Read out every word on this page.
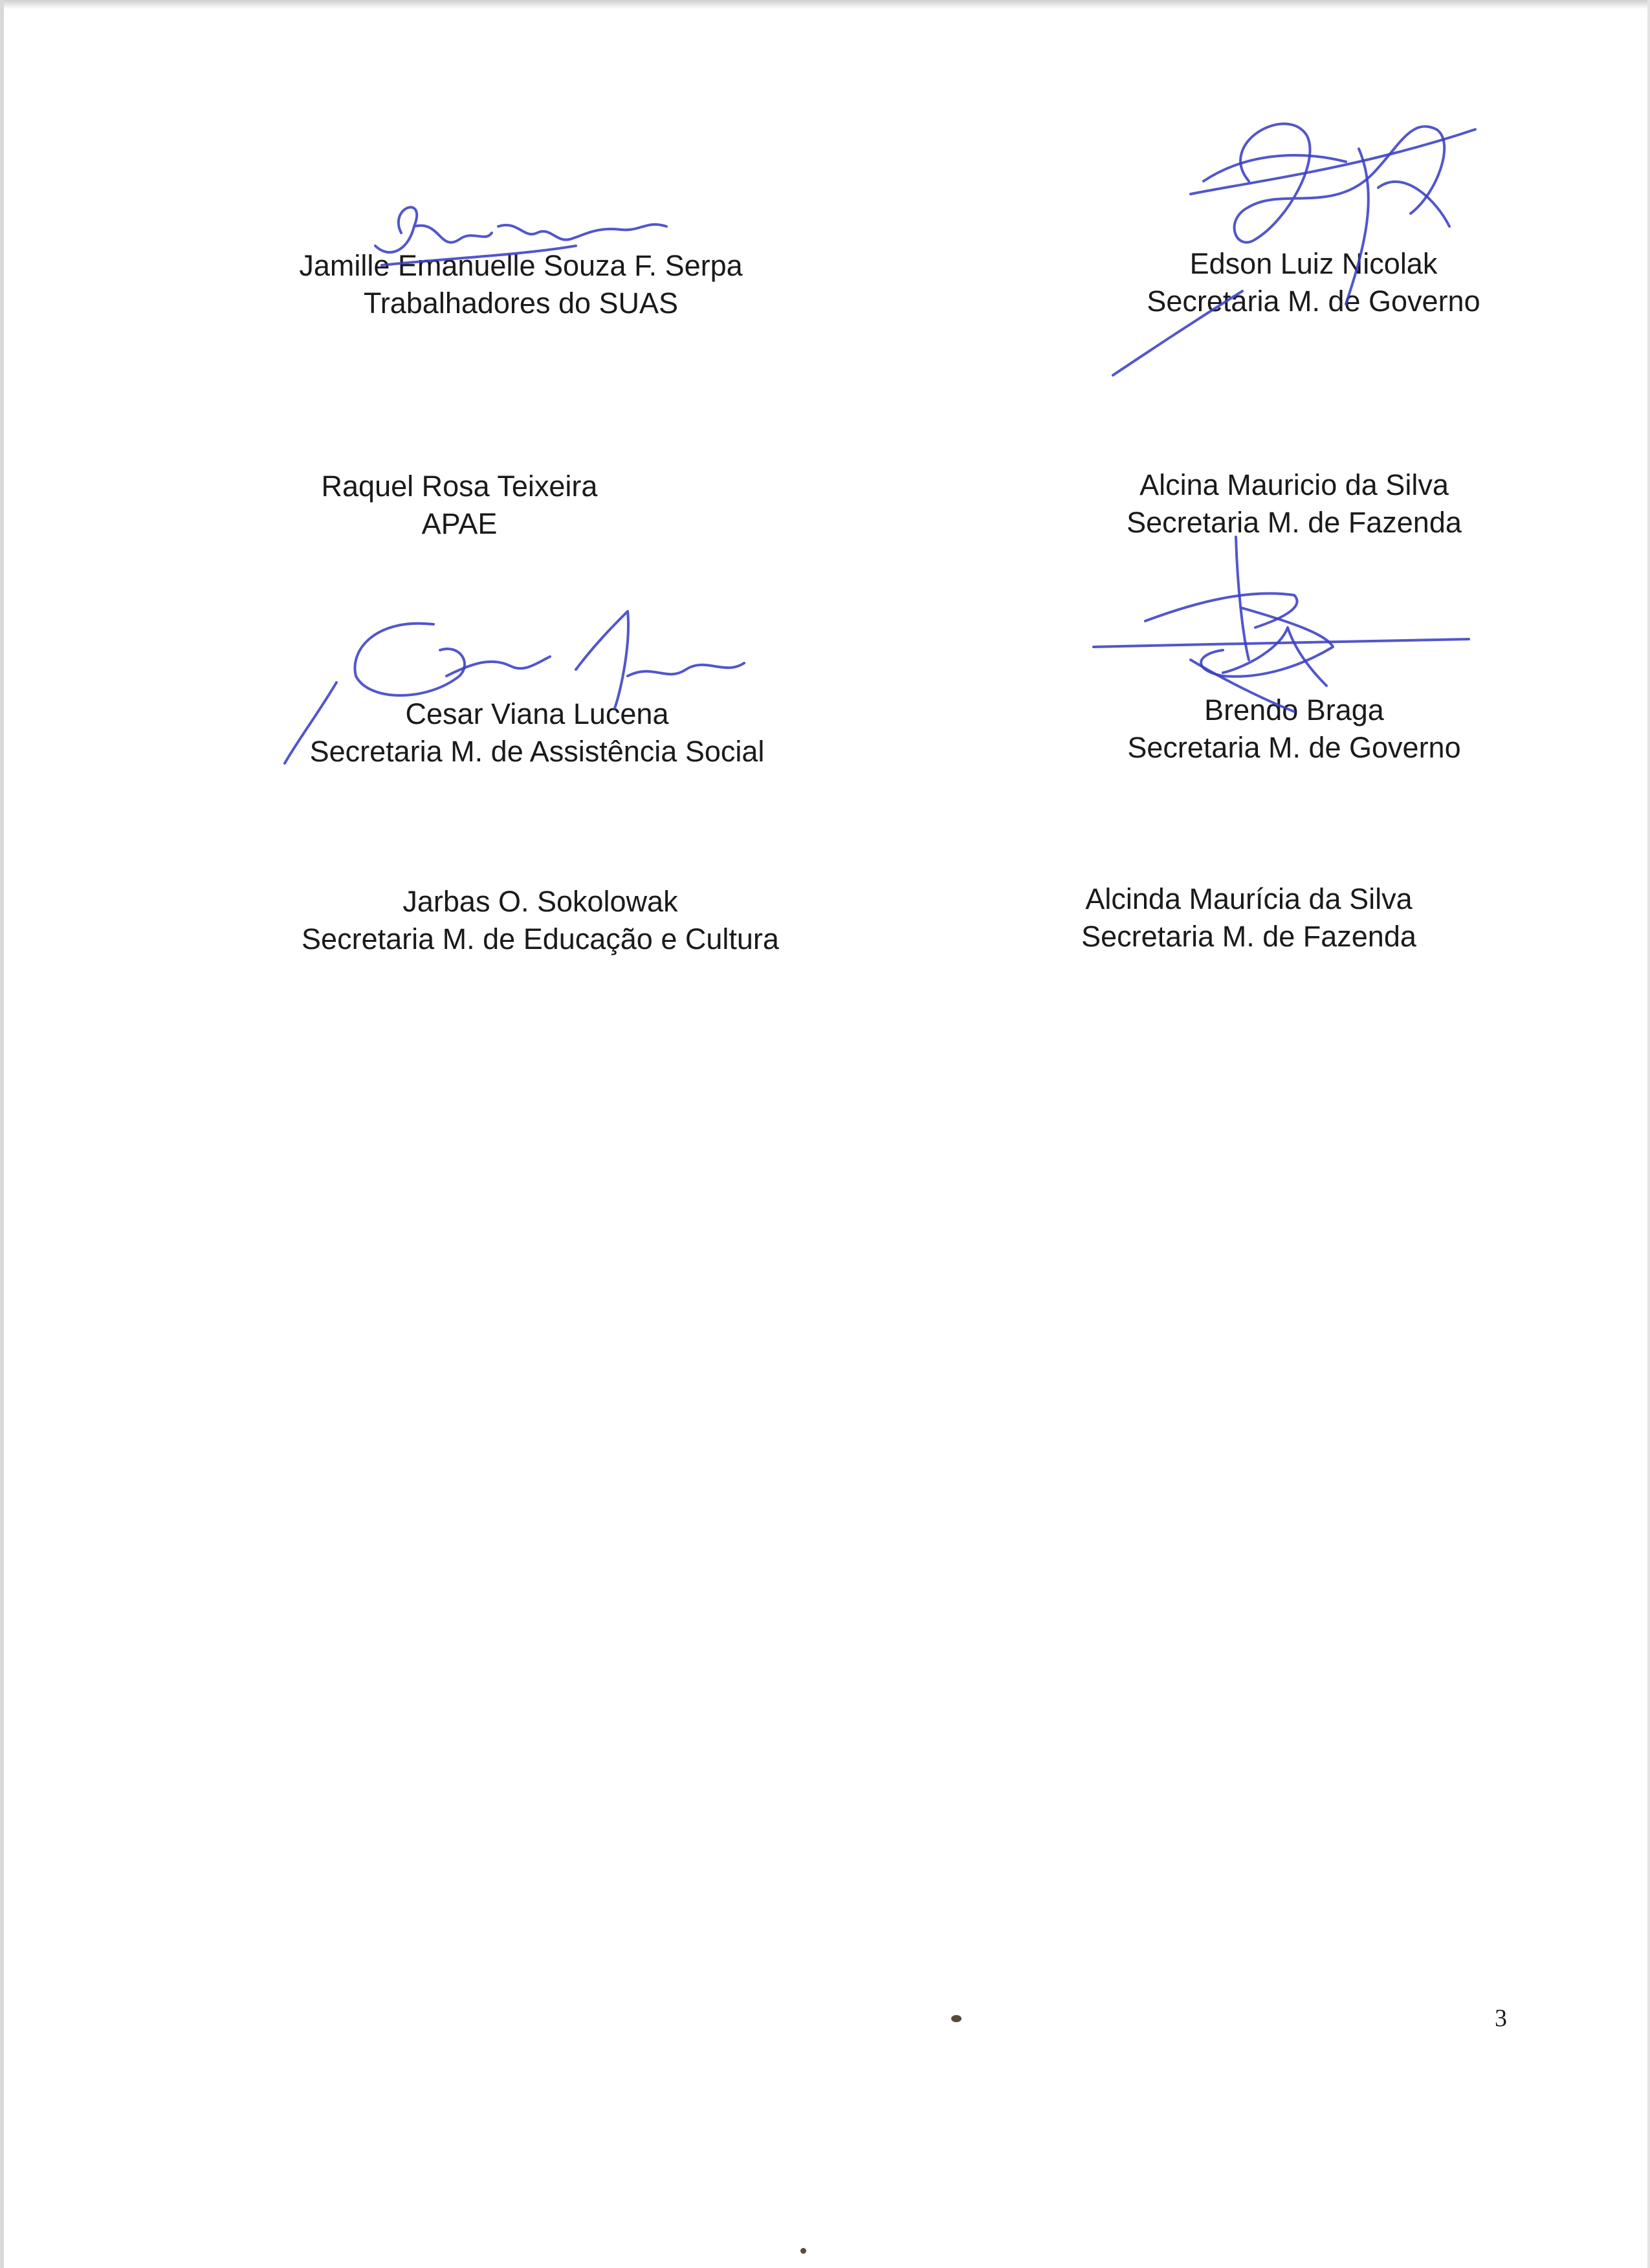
Jamille Emanuelle Souza F. Serpa
Trabalhadores do SUAS
Edson Luiz Nicolak
Secretaria M. de Governo
Raquel Rosa Teixeira
APAE
Alcina Mauricio da Silva
Secretaria M. de Fazenda
Cesar Viana Lucena
Secretaria M. de Assistência Social
Brendo Braga
Secretaria M. de Governo
Jarbas O. Sokolowak
Secretaria M. de Educação e Cultura
Alcinda Maurícia da Silva
Secretaria M. de Fazenda
3
